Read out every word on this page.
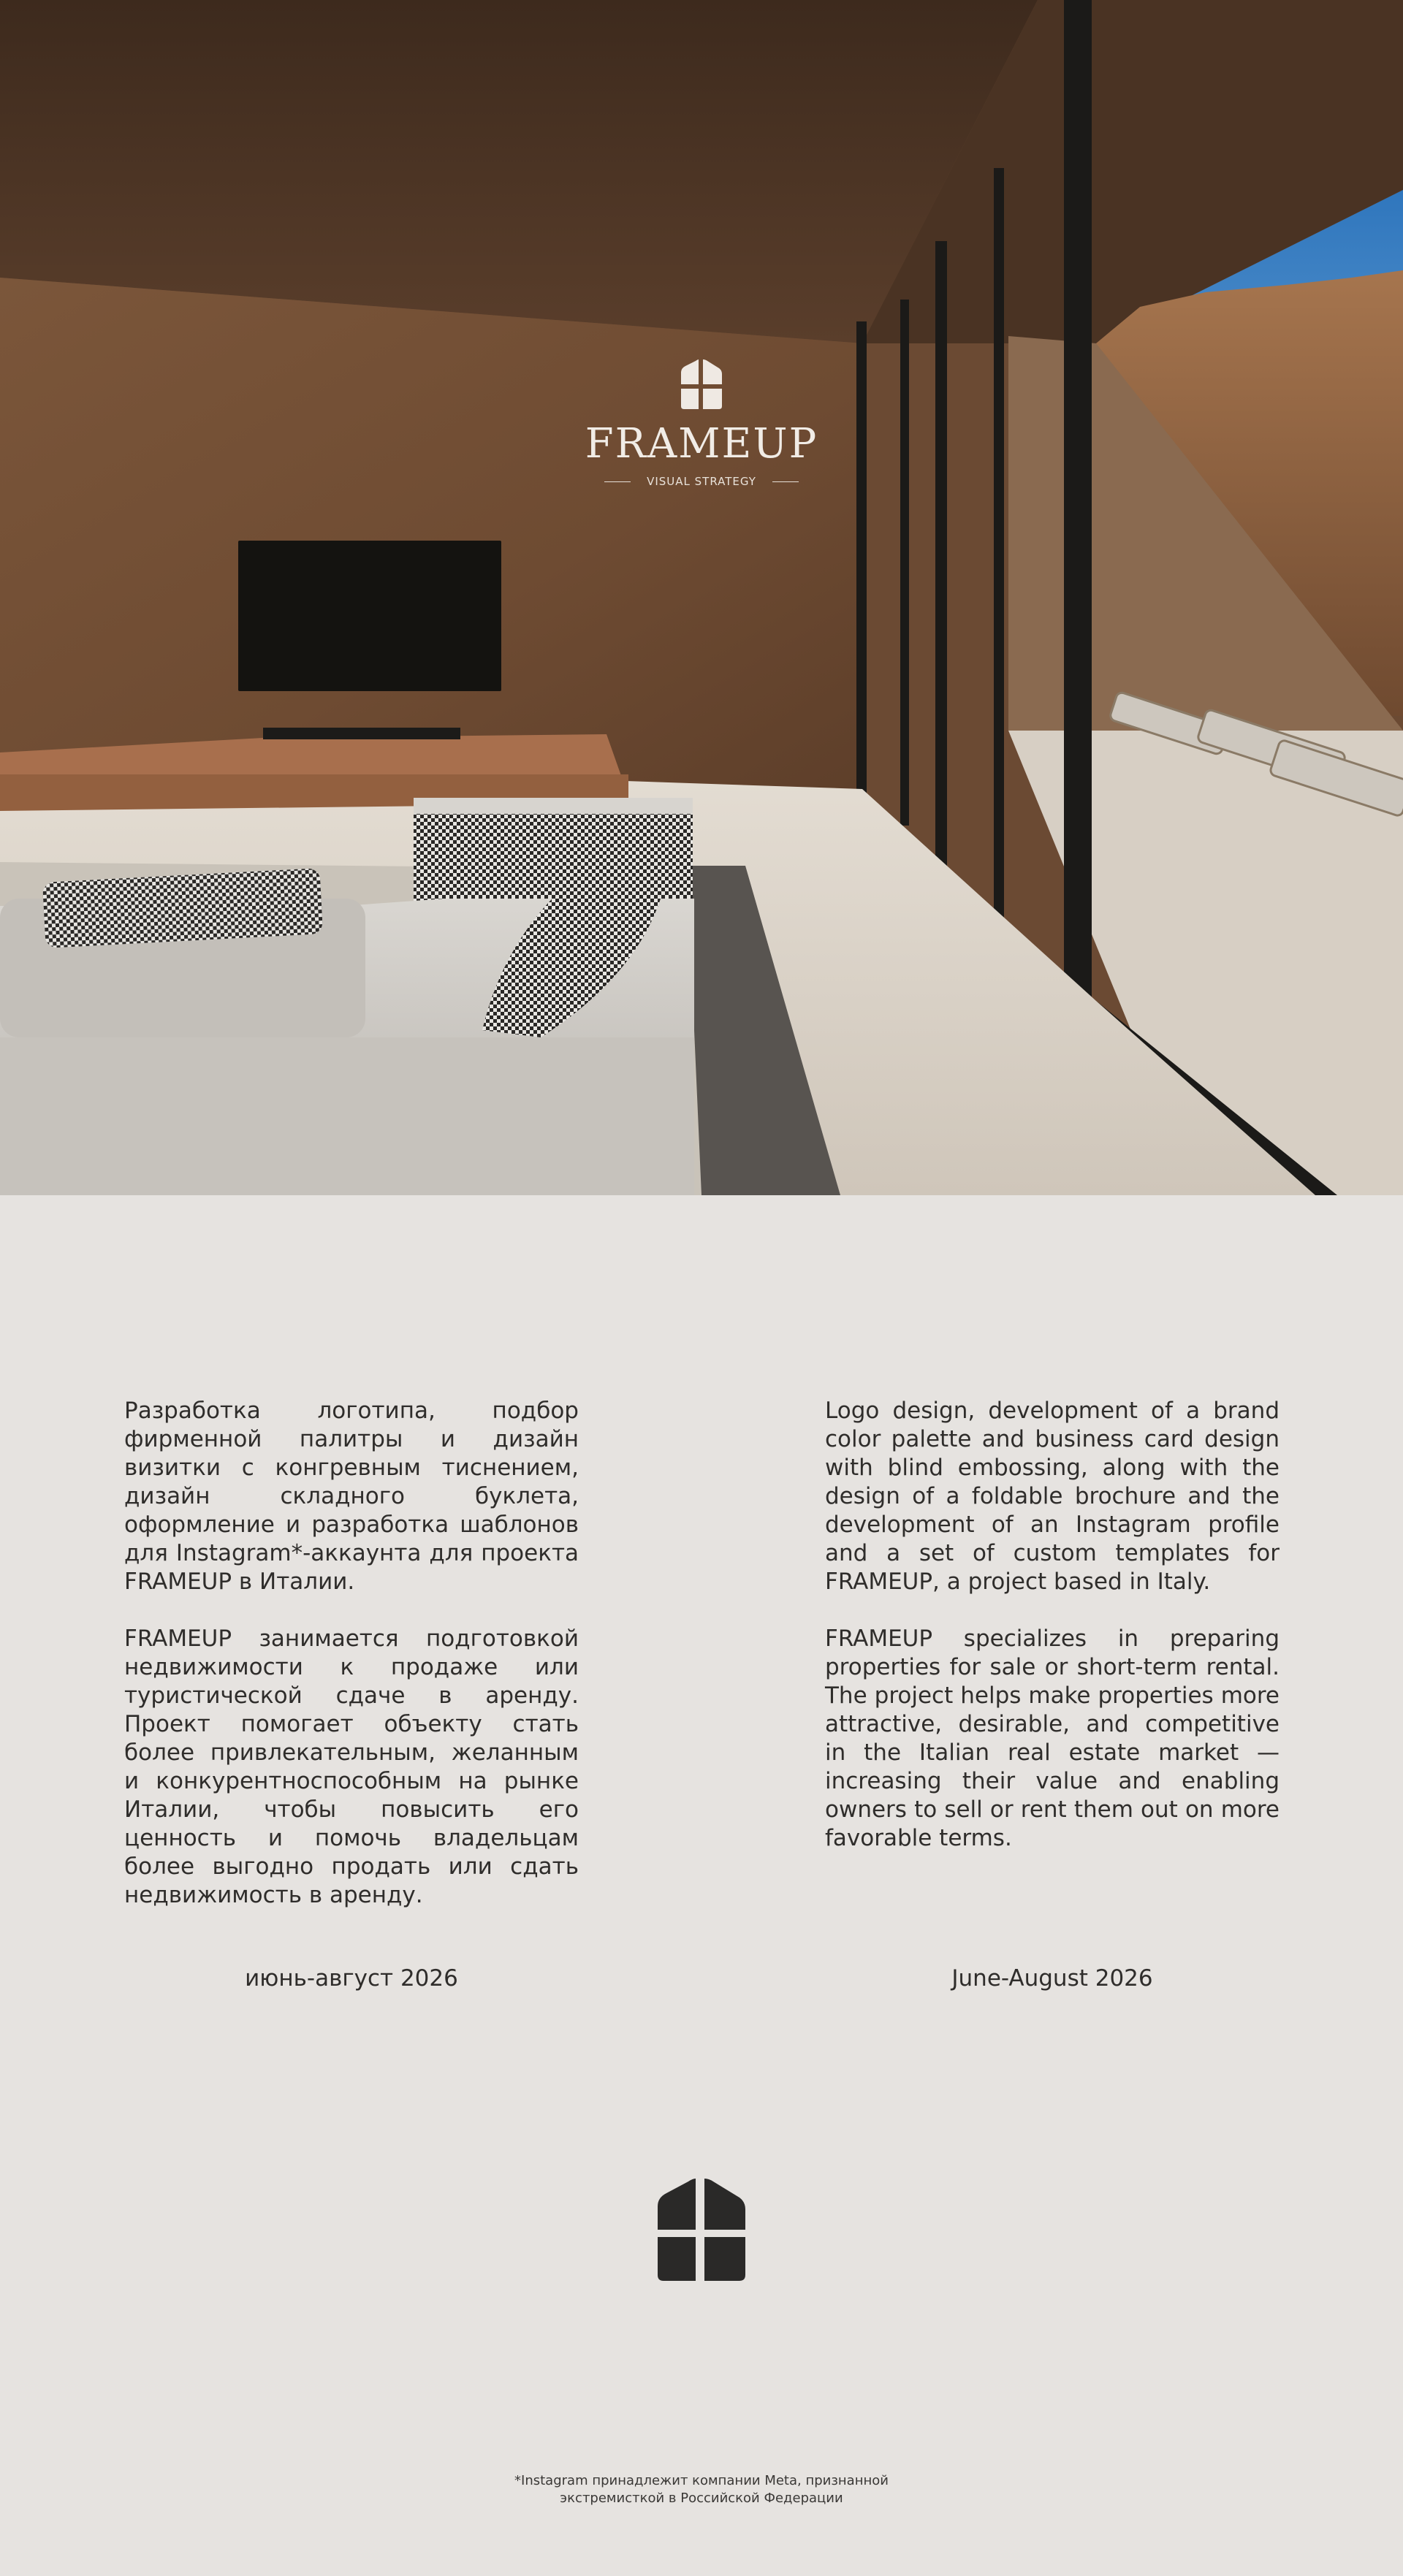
FRAMEUP
VISUAL STRATEGY

Разработка логотипа, подбор фирменной палитры и дизайн визитки с конгревным тиснением, дизайн складного буклета, оформление и разработка шаблонов для Instagram*-аккаунта для проекта FRAMEUP в Италии.

FRAMEUP занимается подготовкой недвижимости к продаже или туристической сдаче в аренду. Проект помогает объекту стать более привлекательным, желанным и конкурентноспособным на рынке Италии, чтобы повысить его ценность и помочь владельцам более выгодно продать или сдать недвижимость в аренду.

Logo design, development of a brand color palette and business card design with blind embossing, along with the design of a foldable brochure and the development of an Instagram profile and a set of custom templates for FRAMEUP, a project based in Italy.

FRAMEUP specializes in preparing properties for sale or short-term rental. The project helps make properties more attractive, desirable, and competitive in the Italian real estate market — increasing their value and enabling owners to sell or rent them out on more favorable terms.

июнь-август 2026	June-August 2026
*Instagram принадлежит компании Meta, признанной
экстремисткой в Российской Федерации
